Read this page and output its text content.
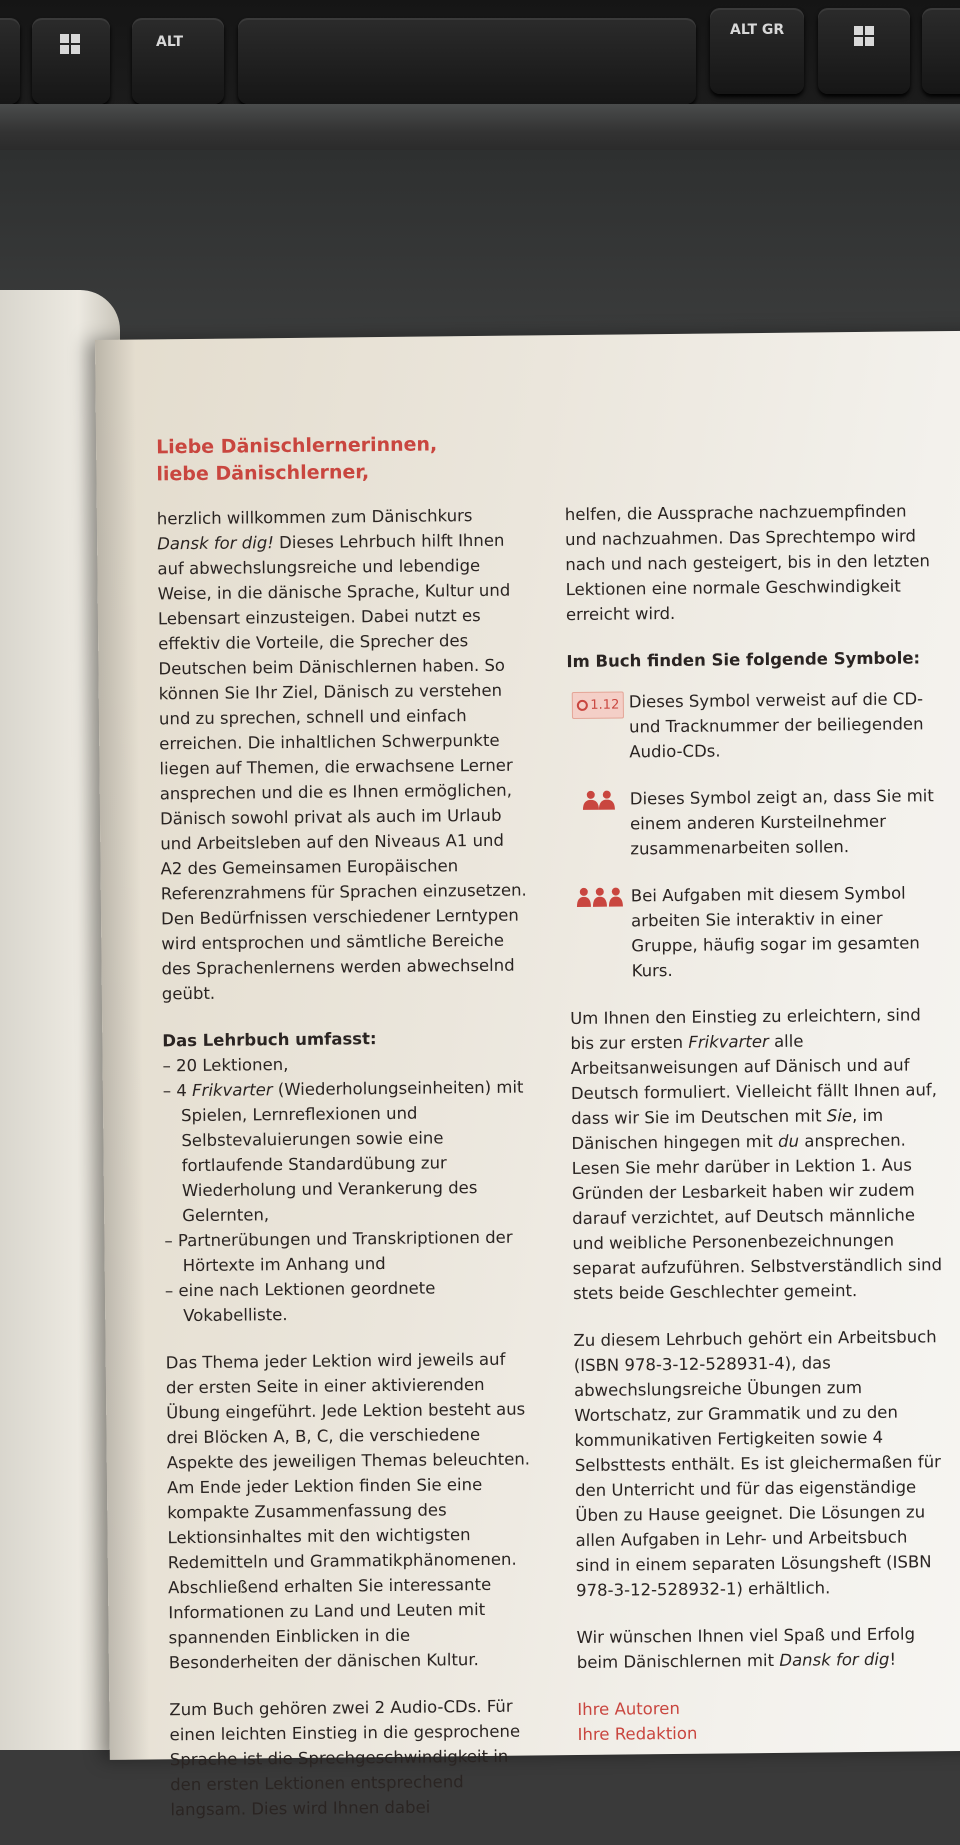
ALT
ALT GR
Liebe Dänischlernerinnen,
liebe Dänischlerner,

herzlich willkommen zum Dänischkurs Dansk for dig! Dieses Lehrbuch hilft Ihnen auf abwechslungsreiche und lebendige Weise, in die dänische Sprache, Kultur und Lebensart einzusteigen. Dabei nutzt es effektiv die Vorteile, die Sprecher des Deutschen beim Dänischlernen haben. So können Sie Ihr Ziel, Dänisch zu verstehen und zu sprechen, schnell und einfach erreichen. Die inhaltlichen Schwerpunkte liegen auf Themen, die erwachsene Lerner ansprechen und die es Ihnen ermöglichen, Dänisch sowohl privat als auch im Urlaub und Arbeitsleben auf den Niveaus A1 und A2 des Gemeinsamen Europäischen Referenzrahmens für Sprachen einzusetzen. Den Bedürfnissen verschiedener Lerntypen wird entsprochen und sämtliche Bereiche des Sprachenlernens werden abwechselnd geübt.

Das Lehrbuch umfasst:

– 20 Lektionen,
– 4 Frikvarter (Wiederholungseinheiten) mit Spielen, Lernreflexionen und Selbstevaluierungen sowie eine fortlaufende Standardübung zur Wiederholung und Verankerung des Gelernten,
– Partnerübungen und Transkriptionen der Hörtexte im Anhang und
– eine nach Lektionen geordnete Vokabelliste.

Das Thema jeder Lektion wird jeweils auf der ersten Seite in einer aktivierenden Übung eingeführt. Jede Lektion besteht aus drei Blöcken A, B, C, die verschiedene Aspekte des jeweiligen Themas beleuchten. Am Ende jeder Lektion finden Sie eine kompakte Zusammenfassung des Lektionsinhaltes mit den wichtigsten Redemitteln und Grammatikphänomenen. Abschließend erhalten Sie interessante Informationen zu Land und Leuten mit spannenden Einblicken in die Besonderheiten der dänischen Kultur.

Zum Buch gehören zwei 2 Audio-CDs. Für einen leichten Einstieg in die gesprochene Sprache ist die Sprechgeschwindigkeit in den ersten Lektionen entsprechend langsam. Dies wird Ihnen dabei

helfen, die Aussprache nachzuempfinden und nachzuahmen. Das Sprechtempo wird nach und nach gesteigert, bis in den letzten Lektionen eine normale Geschwindigkeit erreicht wird.

Im Buch finden Sie folgende Symbole:

1.12 Dieses Symbol verweist auf die CD- und Tracknummer der beiliegenden Audio-CDs.
Dieses Symbol zeigt an, dass Sie mit einem anderen Kursteilnehmer zusammenarbeiten sollen.
Bei Aufgaben mit diesem Symbol arbeiten Sie interaktiv in einer Gruppe, häufig sogar im gesamten Kurs.

Um Ihnen den Einstieg zu erleichtern, sind bis zur ersten Frikvarter alle Arbeitsanweisungen auf Dänisch und auf Deutsch formuliert. Vielleicht fällt Ihnen auf, dass wir Sie im Deutschen mit Sie, im Dänischen hingegen mit du ansprechen. Lesen Sie mehr darüber in Lektion 1. Aus Gründen der Lesbarkeit haben wir zudem darauf verzichtet, auf Deutsch männliche und weibliche Personenbezeichnungen separat aufzuführen. Selbstverständlich sind stets beide Geschlechter gemeint.

Zu diesem Lehrbuch gehört ein Arbeitsbuch (ISBN 978-3-12-528931-4), das abwechslungsreiche Übungen zum Wortschatz, zur Grammatik und zu den kommunikativen Fertigkeiten sowie 4 Selbsttests enthält. Es ist gleichermaßen für den Unterricht und für das eigenständige Üben zu Hause geeignet. Die Lösungen zu allen Aufgaben in Lehr- und Arbeitsbuch sind in einem separaten Lösungsheft (ISBN 978-3-12-528932-1) erhältlich.

Wir wünschen Ihnen viel Spaß und Erfolg beim Dänischlernen mit Dansk for dig!

Ihre Autoren

Ihre Redaktion
